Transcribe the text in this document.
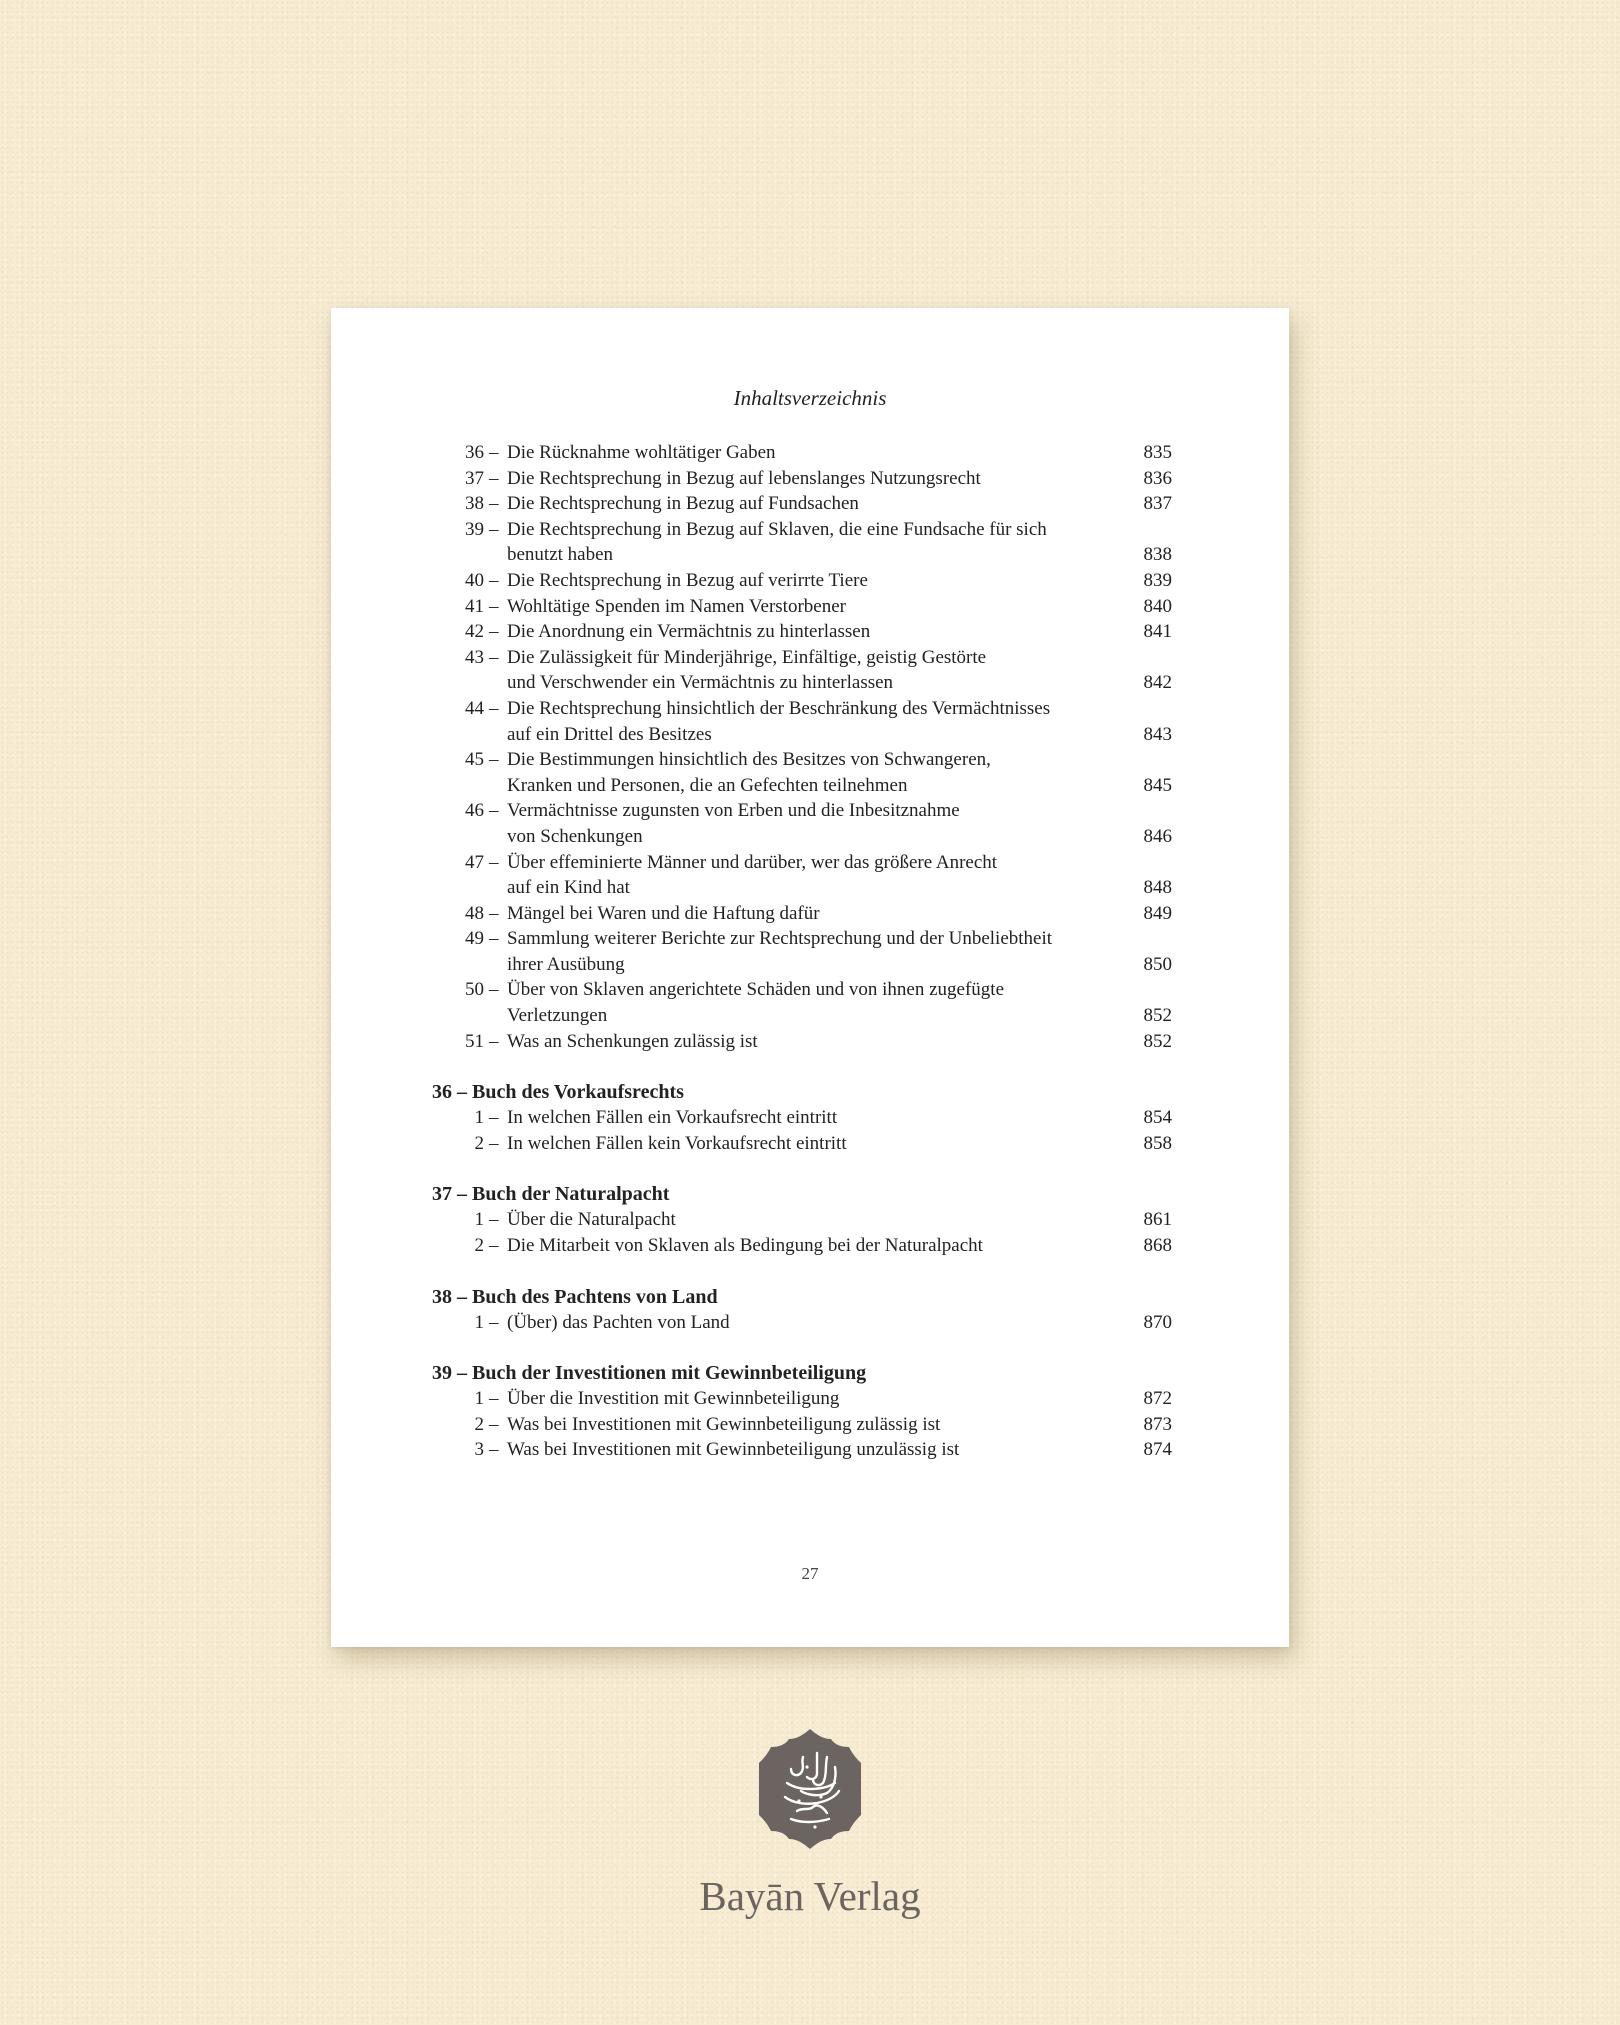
Inhaltsverzeichnis
36 – Die Rücknahme wohltätiger Gaben	835
37 – Die Rechtsprechung in Bezug auf lebenslanges Nutzungsrecht	836
38 – Die Rechtsprechung in Bezug auf Fundsachen	837
39 – Die Rechtsprechung in Bezug auf Sklaven, die eine Fundsache für sich
benutzt haben	838
40 – Die Rechtsprechung in Bezug auf verirrte Tiere	839
41 – Wohltätige Spenden im Namen Verstorbener	840
42 – Die Anordnung ein Vermächtnis zu hinterlassen	841
43 – Die Zulässigkeit für Minderjährige, Einfältige, geistig Gestörte
und Verschwender ein Vermächtnis zu hinterlassen	842
44 – Die Rechtsprechung hinsichtlich der Beschränkung des Vermächtnisses
auf ein Drittel des Besitzes	843
45 – Die Bestimmungen hinsichtlich des Besitzes von Schwangeren,
Kranken und Personen, die an Gefechten teilnehmen	845
46 – Vermächtnisse zugunsten von Erben und die Inbesitznahme
von Schenkungen	846
47 – Über effeminierte Männer und darüber, wer das größere Anrecht
auf ein Kind hat	848
48 – Mängel bei Waren und die Haftung dafür	849
49 – Sammlung weiterer Berichte zur Rechtsprechung und der Unbeliebtheit
ihrer Ausübung	850
50 – Über von Sklaven angerichtete Schäden und von ihnen zugefügte
Verletzungen	852
51 – Was an Schenkungen zulässig ist	852
36 – Buch des Vorkaufsrechts
1 – In welchen Fällen ein Vorkaufsrecht eintritt	854
2 – In welchen Fällen kein Vorkaufsrecht eintritt	858
37 – Buch der Naturalpacht
1 – Über die Naturalpacht	861
2 – Die Mitarbeit von Sklaven als Bedingung bei der Naturalpacht	868
38 – Buch des Pachtens von Land
1 – (Über) das Pachten von Land	870
39 – Buch der Investitionen mit Gewinnbeteiligung
1 – Über die Investition mit Gewinnbeteiligung	872
2 – Was bei Investitionen mit Gewinnbeteiligung zulässig ist	873
3 – Was bei Investitionen mit Gewinnbeteiligung unzulässig ist	874
27
Bayān Verlag
